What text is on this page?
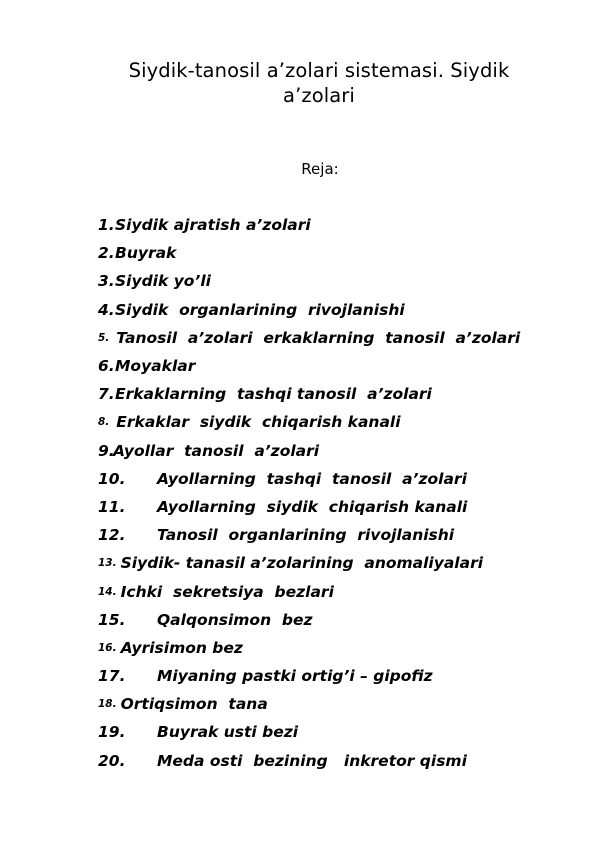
Siydik-tanosil a’zolari sistemasi. Siydik a’zolari
Reja:
1. Siydik ajratish a’zolari
2. Buyrak
3. Siydik yo’li
4. Siydik  organlarining  rivojlanishi
5. Tanosil  a’zolari  erkaklarning  tanosil  a’zolari
6. Moyaklar
7. Erkaklarning  tashqi tanosil  a’zolari
8. Erkaklar  siydik  chiqarish kanali
9.
Ayollar  tanosil  a’zolari
10.	Ayollarning  tashqi  tanosil  a’zolari
11.	Ayollarning  siydik  chiqarish kanali
12.	Tanosil  organlarining  rivojlanishi
13. Siydik- tanasil a’zolarining  anomaliyalari
14. Ichki  sekretsiya  bezlari
15.	Qalqonsimon  bez
16. Ayrisimon bez
17.	Miyaning pastki ortig’i – gipofiz
18. Ortiqsimon  tana
19.	Buyrak usti bezi
20.	Meda osti  bezining   inkretor qismi
